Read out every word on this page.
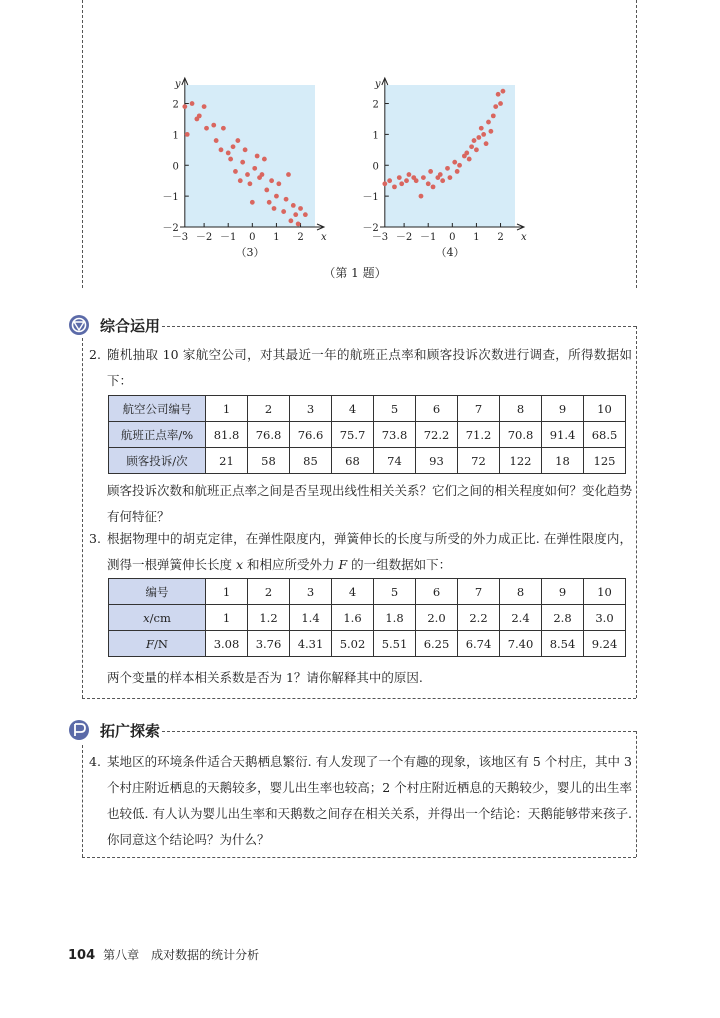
－2
－1
0
1
2
－3 －2 －1 0 1 2 x
y
－2
－1
0
1
2
－3 －2 －1 0 1 2 x
y
（3）	（4）
（第 1 题）
综合运用
2. 随机抽取 10 家航空公司，对其最近一年的航班正点率和顾客投诉次数进行调查，所得数据如下：
航空公司编号	1	2	3	4	5	6	7	8	9	10
航班正点率/%	81.8	76.8	76.6	75.7	73.8	72.2	71.2	70.8	91.4	68.5
顾客投诉/次	21	58	85	68	74	93	72	122	18	125
顾客投诉次数和航班正点率之间是否呈现出线性相关关系？它们之间的相关程度如何？变化趋势有何特征？
3. 根据物理中的胡克定律，在弹性限度内，弹簧伸长的长度与所受的外力成正比. 在弹性限度内，测得一根弹簧伸长长度 x 和相应所受外力 F 的一组数据如下：
编号	1	2	3	4	5	6	7	8	9	10
x/cm	1	1.2	1.4	1.6	1.8	2.0	2.2	2.4	2.8	3.0
F/N	3.08	3.76	4.31	5.02	5.51	6.25	6.74	7.40	8.54	9.24
两个变量的样本相关系数是否为 1？请你解释其中的原因.
拓广探索
4. 某地区的环境条件适合天鹅栖息繁衍. 有人发现了一个有趣的现象，该地区有 5 个村庄，其中 3 个村庄附近栖息的天鹅较多，婴儿出生率也较高；2 个村庄附近栖息的天鹅较少，婴儿的出生率也较低. 有人认为婴儿出生率和天鹅数之间存在相关关系，并得出一个结论：天鹅能够带来孩子. 你同意这个结论吗？为什么？
104 第八章　成对数据的统计分析
